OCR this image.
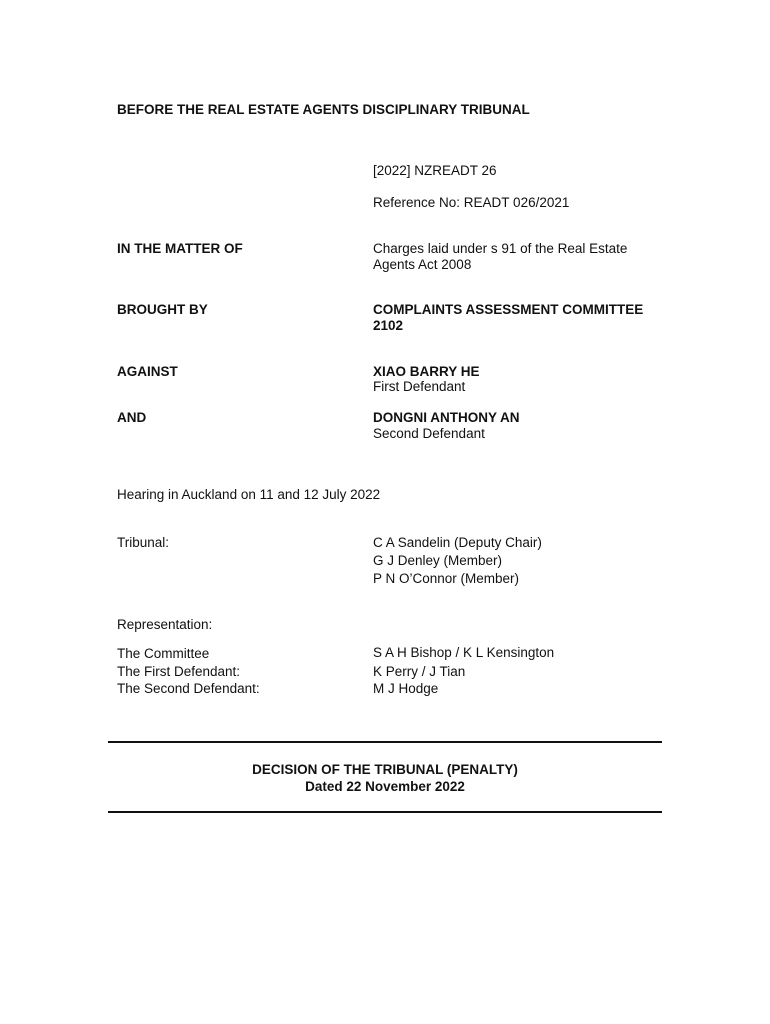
BEFORE THE REAL ESTATE AGENTS DISCIPLINARY TRIBUNAL
[2022] NZREADT 26
Reference No: READT 026/2021
IN THE MATTER OF	Charges laid under s 91 of the Real Estate
Agents Act 2008
BROUGHT BY	COMPLAINTS ASSESSMENT COMMITTEE
2102
AGAINST	XIAO BARRY HE
First Defendant
AND	DONGNI ANTHONY AN
Second Defendant
Hearing in Auckland on 11 and 12 July 2022
Tribunal:	C A Sandelin (Deputy Chair)
G J Denley (Member)
P N O’Connor (Member)
Representation:
The Committee	S A H Bishop / K L Kensington
The First Defendant:	K Perry / J Tian
The Second Defendant:	M J Hodge
DECISION OF THE TRIBUNAL (PENALTY)
Dated 22 November 2022
